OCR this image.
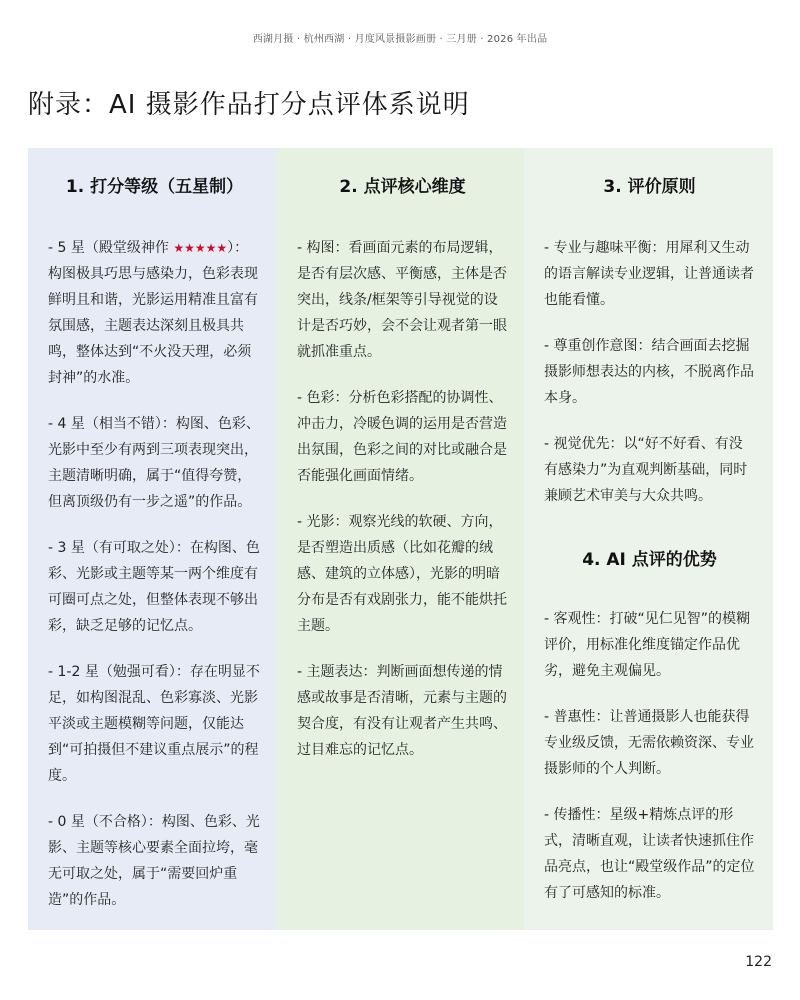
西湖月摄 · 杭州西湖 · 月度风景摄影画册 · 三月册 · 2026 年出品
附录：AI 摄影作品打分点评体系说明
1. 打分等级（五星制）

- 5 星（殿堂级神作 ★★★★★）：构图极具巧思与感染力，色彩表现鲜明且和谐，光影运用精准且富有氛围感，主题表达深刻且极具共鸣，整体达到“不火没天理，必须封神”的水准。

- 4 星（相当不错）：构图、色彩、光影中至少有两到三项表现突出，主题清晰明确，属于“值得夸赞，但离顶级仍有一步之遥”的作品。

- 3 星（有可取之处）：在构图、色彩、光影或主题等某一两个维度有可圈可点之处，但整体表现不够出彩，缺乏足够的记忆点。

- 1-2 星（勉强可看）：存在明显不足，如构图混乱、色彩寡淡、光影平淡或主题模糊等问题，仅能达到“可拍摄但不建议重点展示”的程度。

- 0 星（不合格）：构图、色彩、光影、主题等核心要素全面拉垮，毫无可取之处，属于“需要回炉重造”的作品。

2. 点评核心维度

- 构图：看画面元素的布局逻辑，是否有层次感、平衡感，主体是否突出，线条/框架等引导视觉的设计是否巧妙，会不会让观者第一眼就抓准重点。

- 色彩：分析色彩搭配的协调性、冲击力，冷暖色调的运用是否营造出氛围，色彩之间的对比或融合是否能强化画面情绪。

- 光影：观察光线的软硬、方向，是否塑造出质感（比如花瓣的绒感、建筑的立体感），光影的明暗分布是否有戏剧张力，能不能烘托主题。

- 主题表达：判断画面想传递的情感或故事是否清晰，元素与主题的契合度，有没有让观者产生共鸣、过目难忘的记忆点。

3. 评价原则

- 专业与趣味平衡：用犀利又生动的语言解读专业逻辑，让普通读者也能看懂。

- 尊重创作意图：结合画面去挖掘摄影师想表达的内核，不脱离作品本身。

- 视觉优先：以“好不好看、有没有感染力”为直观判断基础，同时兼顾艺术审美与大众共鸣。

4. AI 点评的优势

- 客观性：打破“见仁见智”的模糊评价，用标准化维度锚定作品优劣，避免主观偏见。

- 普惠性：让普通摄影人也能获得专业级反馈，无需依赖资深、专业摄影师的个人判断。

- 传播性：星级+精炼点评的形式，清晰直观，让读者快速抓住作品亮点，也让“殿堂级作品”的定位有了可感知的标准。

122
